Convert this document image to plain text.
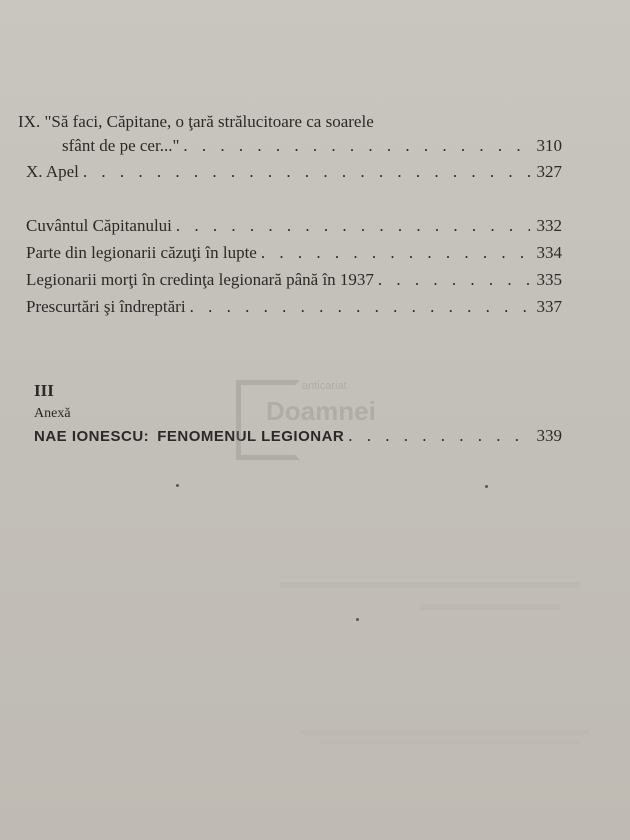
IX. "Să faci, Căpitane, o ţară strălucitoare ca soarele
sfânt de pe cer..." . . .	310
X. Apel . . .	327
Cuvântul Căpitanului . . .	332
Parte din legionarii căzuţi în lupte . . .	334
Legionarii morţi în credinţa legionară până în 1937 . . .	335
Prescurtări şi îndreptări . . .	337
III
Anexă
NAE IONESCU: FENOMENUL LEGIONAR . . .	339
anticariat
Doamnei
